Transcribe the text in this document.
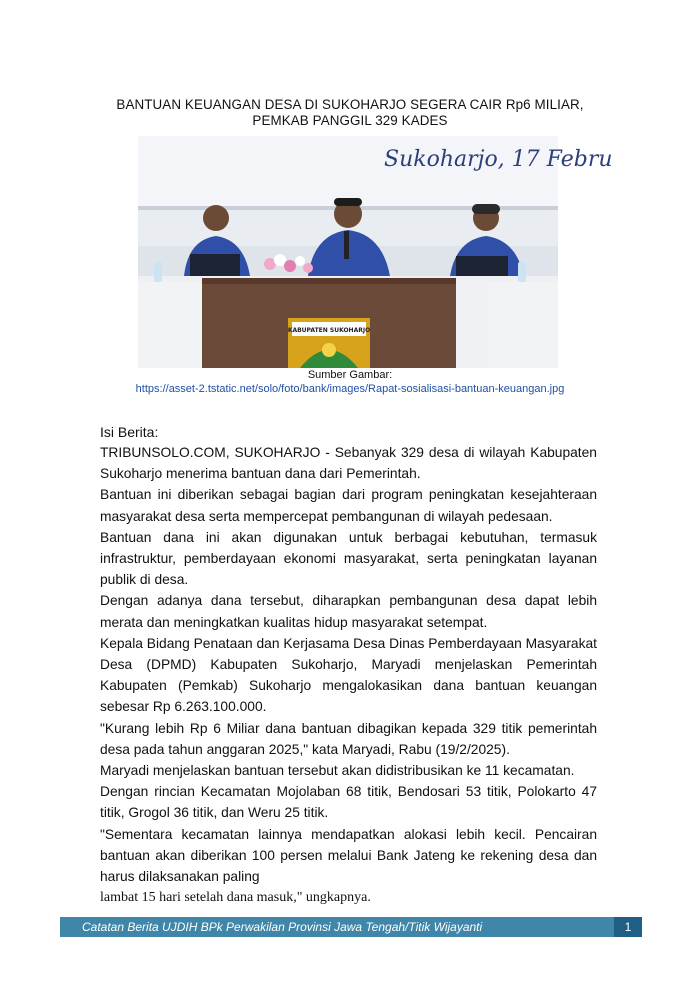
BANTUAN KEUANGAN DESA DI SUKOHARJO SEGERA CAIR Rp6 MILIAR,
PEMKAB PANGGIL 329 KADES
Sukoharjo, 17 Febru
KABUPATEN SUKOHARJO
Sumber Gambar:
https://asset-2.tstatic.net/solo/foto/bank/images/Rapat-sosialisasi-bantuan-keuangan.jpg
Isi Berita:

TRIBUNSOLO.COM, SUKOHARJO - Sebanyak 329 desa di wilayah Kabupaten Sukoharjo menerima bantuan dana dari Pemerintah.

Bantuan ini diberikan sebagai bagian dari program peningkatan kesejahteraan masyarakat desa serta mempercepat pembangunan di wilayah pedesaan.

Bantuan dana ini akan digunakan untuk berbagai kebutuhan, termasuk infrastruktur, pemberdayaan ekonomi masyarakat, serta peningkatan layanan publik di desa.

Dengan adanya dana tersebut, diharapkan pembangunan desa dapat lebih merata dan meningkatkan kualitas hidup masyarakat setempat.

Kepala Bidang Penataan dan Kerjasama Desa Dinas Pemberdayaan Masyarakat Desa (DPMD) Kabupaten Sukoharjo, Maryadi menjelaskan Pemerintah Kabupaten (Pemkab) Sukoharjo mengalokasikan dana bantuan keuangan sebesar Rp 6.263.100.000.

"Kurang lebih Rp 6 Miliar dana bantuan dibagikan kepada 329 titik pemerintah desa pada tahun anggaran 2025," kata Maryadi, Rabu (19/2/2025).

Maryadi menjelaskan bantuan tersebut akan didistribusikan ke 11 kecamatan.

Dengan rincian Kecamatan Mojolaban 68 titik, Bendosari 53 titik, Polokarto 47 titik, Grogol 36 titik, dan Weru 25 titik.

"Sementara kecamatan lainnya mendapatkan alokasi lebih kecil. Pencairan bantuan akan diberikan 100 persen melalui Bank Jateng ke rekening desa dan harus dilaksanakan paling

lambat 15 hari setelah dana masuk," ungkapnya.

Catatan Berita UJDIH BPk Perwakilan Provinsi Jawa Tengah/Titik Wijayanti	1
